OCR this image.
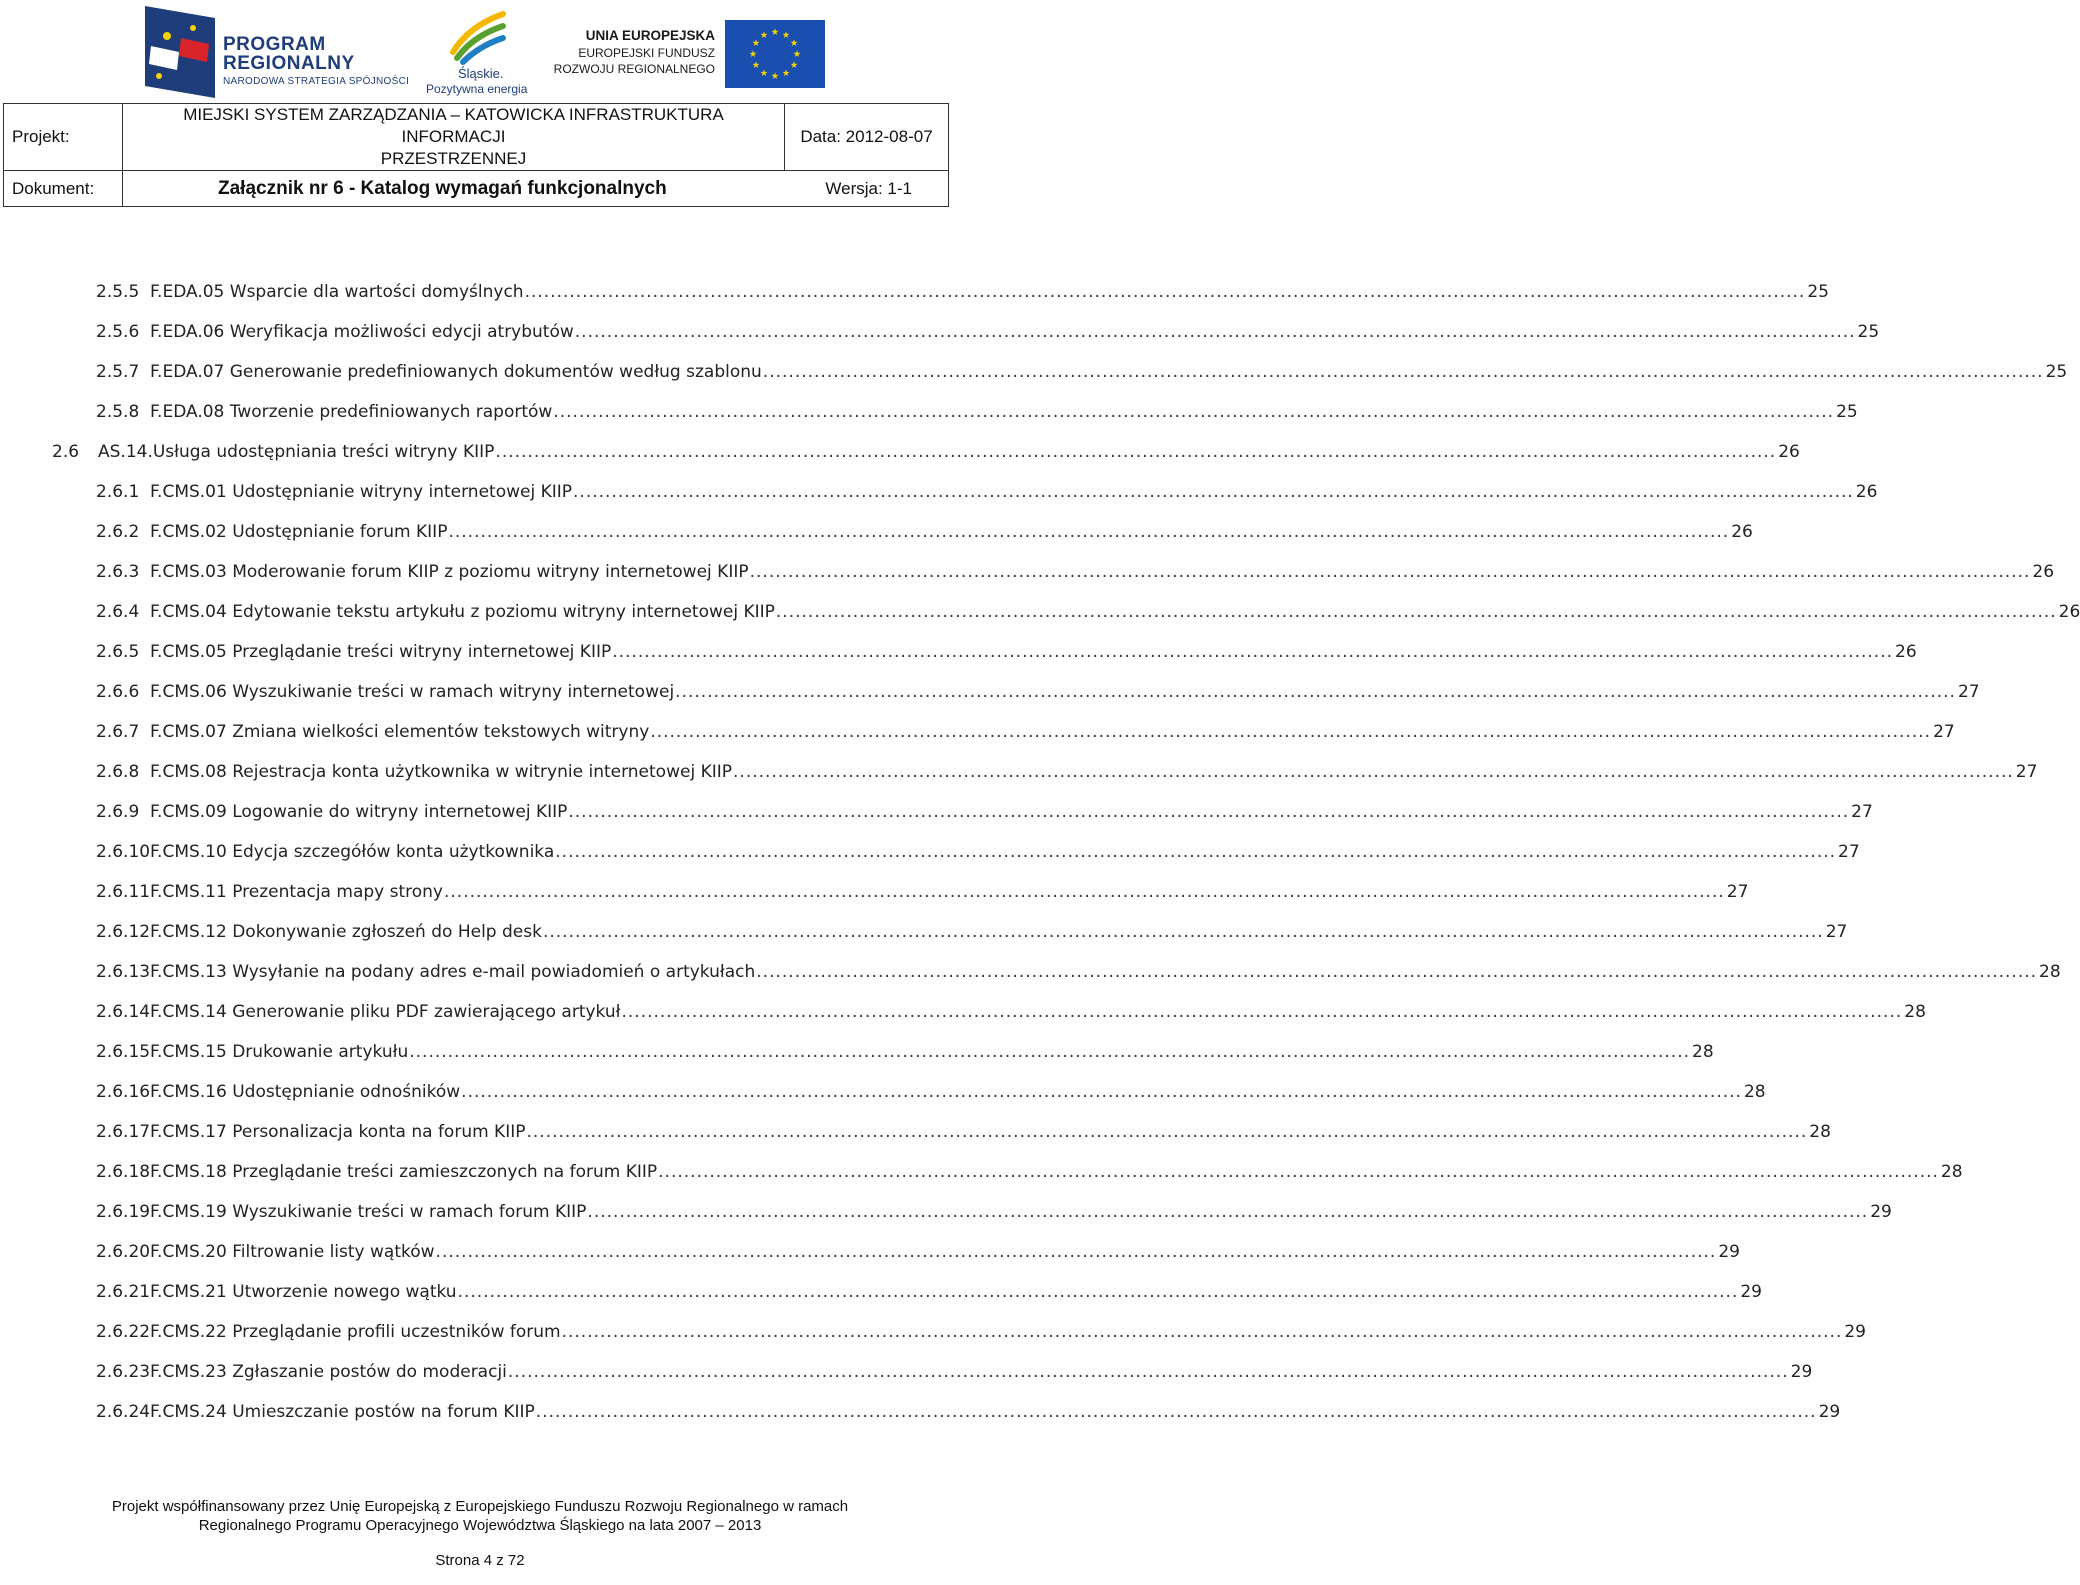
PROGRAM
REGIONALNY
NARODOWA STRATEGIA SPÓJNOŚCI
Śląskie.
Pozytywna energia
UNIA EUROPEJSKA
EUROPEJSKI FUNDUSZ
ROZWOJU REGIONALNEGO
Projekt:	MIEJSKI SYSTEM ZARZĄDZANIA – KATOWICKA INFRASTRUKTURA INFORMACJI
PRZESTRZENNEJ	Data: 2012-08-07
Dokument:	Załącznik nr 6 - Katalog wymagań funkcjonalnych Wersja: 1-1	
2.5.5 F.EDA.05 Wsparcie dla wartości domyślnych ........................................................................................................................................................................................................ 25
2.5.6 F.EDA.06 Weryfikacja możliwości edycji atrybutów ........................................................................................................................................................................................................ 25
2.5.7 F.EDA.07 Generowanie predefiniowanych dokumentów według szablonu ........................................................................................................................................................................................................ 25
2.5.8 F.EDA.08 Tworzenie predefiniowanych raportów ........................................................................................................................................................................................................ 25
2.6	AS.14.Usługa udostępniania treści witryny KIIP ........................................................................................................................................................................................................ 26
2.6.1 F.CMS.01 Udostępnianie witryny internetowej KIIP ........................................................................................................................................................................................................ 26
2.6.2 F.CMS.02 Udostępnianie forum KIIP ........................................................................................................................................................................................................ 26
2.6.3 F.CMS.03 Moderowanie forum KIIP z poziomu witryny internetowej KIIP ........................................................................................................................................................................................................ 26
2.6.4 F.CMS.04 Edytowanie tekstu artykułu z poziomu witryny internetowej KIIP ........................................................................................................................................................................................................ 26
2.6.5 F.CMS.05 Przeglądanie treści witryny internetowej KIIP ........................................................................................................................................................................................................ 26
2.6.6 F.CMS.06 Wyszukiwanie treści w ramach witryny internetowej ........................................................................................................................................................................................................ 27
2.6.7 F.CMS.07 Zmiana wielkości elementów tekstowych witryny ........................................................................................................................................................................................................ 27
2.6.8 F.CMS.08 Rejestracja konta użytkownika w witrynie internetowej KIIP ........................................................................................................................................................................................................ 27
2.6.9 F.CMS.09 Logowanie do witryny internetowej KIIP ........................................................................................................................................................................................................ 27
2.6.10 F.CMS.10 Edycja szczegółów konta użytkownika ........................................................................................................................................................................................................ 27
2.6.11 F.CMS.11 Prezentacja mapy strony ........................................................................................................................................................................................................ 27
2.6.12 F.CMS.12 Dokonywanie zgłoszeń do Help desk ........................................................................................................................................................................................................ 27
2.6.13 F.CMS.13 Wysyłanie na podany adres e-mail powiadomień o artykułach ........................................................................................................................................................................................................ 28
2.6.14 F.CMS.14 Generowanie pliku PDF zawierającego artykuł ........................................................................................................................................................................................................ 28
2.6.15 F.CMS.15 Drukowanie artykułu ........................................................................................................................................................................................................ 28
2.6.16 F.CMS.16 Udostępnianie odnośników ........................................................................................................................................................................................................ 28
2.6.17 F.CMS.17 Personalizacja konta na forum KIIP ........................................................................................................................................................................................................ 28
2.6.18 F.CMS.18 Przeglądanie treści zamieszczonych na forum KIIP ........................................................................................................................................................................................................ 28
2.6.19 F.CMS.19 Wyszukiwanie treści w ramach forum KIIP ........................................................................................................................................................................................................ 29
2.6.20 F.CMS.20 Filtrowanie listy wątków ........................................................................................................................................................................................................ 29
2.6.21 F.CMS.21 Utworzenie nowego wątku ........................................................................................................................................................................................................ 29
2.6.22 F.CMS.22 Przeglądanie profili uczestników forum ........................................................................................................................................................................................................ 29
2.6.23 F.CMS.23 Zgłaszanie postów do moderacji ........................................................................................................................................................................................................ 29
2.6.24 F.CMS.24 Umieszczanie postów na forum KIIP ........................................................................................................................................................................................................ 29
Projekt współfinansowany przez Unię Europejską z Europejskiego Funduszu Rozwoju Regionalnego w ramach
Regionalnego Programu Operacyjnego Województwa Śląskiego na lata 2007 – 2013
Strona 4 z 72
